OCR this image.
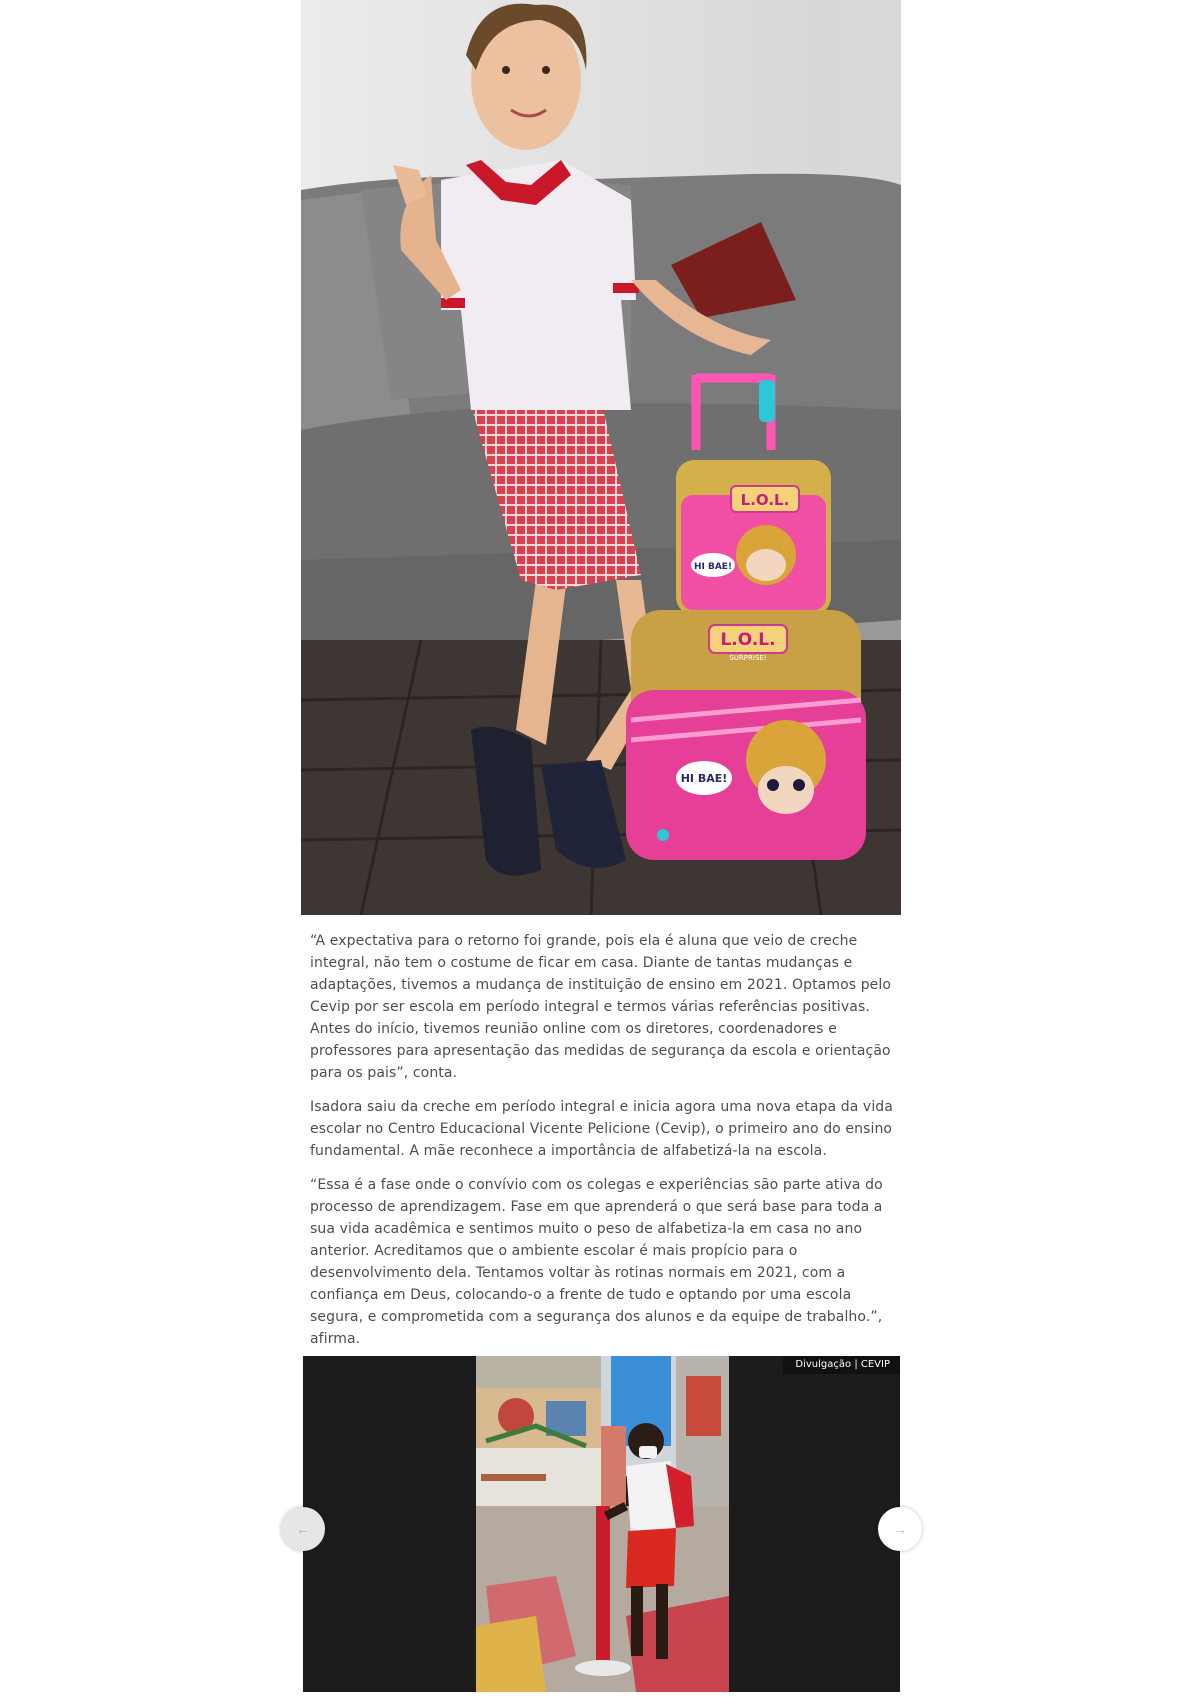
L.O.L.
HI BAE!
L.O.L.
SURPRISE!
HI BAE!

“A expectativa para o retorno foi grande, pois ela é aluna que veio de creche integral, não tem o costume de ficar em casa. Diante de tantas mudanças e adaptações, tivemos a mudança de instituição de ensino em 2021. Optamos pelo Cevip por ser escola em período integral e termos várias referências positivas. Antes do início, tivemos reunião online com os diretores, coordenadores e professores para apresentação das medidas de segurança da escola e orientação para os pais”, conta.

Isadora saiu da creche em período integral e inicia agora uma nova etapa da vida escolar no Centro Educacional Vicente Pelicione (Cevip), o primeiro ano do ensino fundamental. A mãe reconhece a importância de alfabetizá-la na escola.

“Essa é a fase onde o convívio com os colegas e experiências são parte ativa do processo de aprendizagem. Fase em que aprenderá o que será base para toda a sua vida acadêmica e sentimos muito o peso de alfabetiza-la em casa no ano anterior. Acreditamos que o ambiente escolar é mais propício para o desenvolvimento dela. Tentamos voltar às rotinas normais em 2021, com a confiança em Deus, colocando-o a frente de tudo e optando por uma escola segura, e comprometida com a segurança dos alunos e da equipe de trabalho.”, afirma.

Divulgação | CEVIP
←	→
